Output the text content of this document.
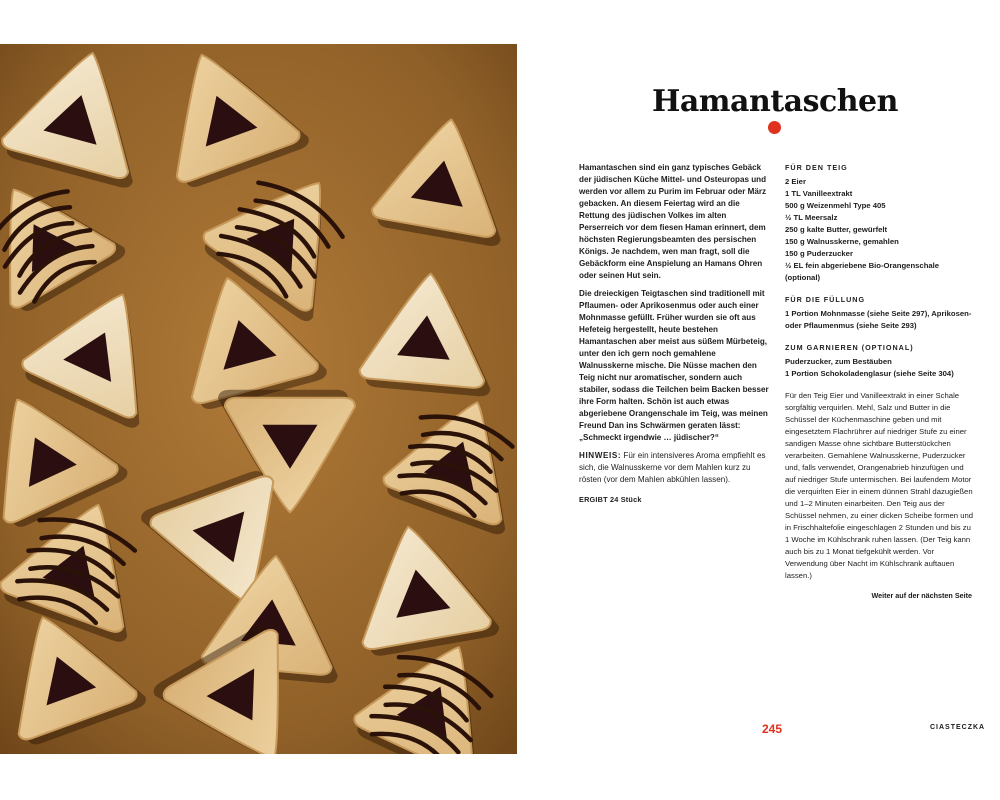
Hamantaschen

Hamantaschen sind ein ganz typisches Gebäck der jüdischen Küche Mittel- und Osteuropas und werden vor allem zu Purim im Februar oder März gebacken. An diesem Feiertag wird an die Rettung des jüdischen Volkes im alten Perserreich vor dem fiesen Haman erinnert, dem höchsten Regierungsbeamten des persischen Königs. Je nachdem, wen man fragt, soll die Gebäckform eine Anspielung an Hamans Ohren oder seinen Hut sein.

Die dreieckigen Teigtaschen sind traditionell mit Pflaumen- oder Aprikosenmus oder auch einer Mohnmasse gefüllt. Früher wurden sie oft aus Hefeteig hergestellt, heute bestehen Hamantaschen aber meist aus süßem Mürbeteig, unter den ich gern noch gemahlene Walnusskerne mische. Die Nüsse machen den Teig nicht nur aromatischer, sondern auch stabiler, sodass die Teilchen beim Backen besser ihre Form halten. Schön ist auch etwas abgeriebene Orangenschale im Teig, was meinen Freund Dan ins Schwärmen geraten lässt: „Schmeckt irgendwie … jüdischer?“

HINWEIS: Für ein intensiveres Aroma empfiehlt es sich, die Walnusskerne vor dem Mahlen kurz zu rösten (vor dem Mahlen abkühlen lassen).

ERGIBT 24 Stück
FÜR DEN TEIG
2 Eier
1 TL Vanilleextrakt
500 g Weizenmehl Type 405
½ TL Meersalz
250 g kalte Butter, gewürfelt
150 g Walnusskerne, gemahlen
150 g Puderzucker
½ EL fein abgeriebene Bio-Orangenschale (optional)
FÜR DIE FÜLLUNG
1 Portion Mohnmasse (siehe Seite 297), Aprikosen- oder Pflaumenmus (siehe Seite 293)
ZUM GARNIEREN (OPTIONAL)
Puderzucker, zum Bestäuben
1 Portion Schokoladenglasur (siehe Seite 304)

Für den Teig Eier und Vanilleextrakt in einer Schale sorgfältig verquirlen. Mehl, Salz und Butter in die Schüssel der Küchenmaschine geben und mit eingesetztem Flachrührer auf niedriger Stufe zu einer sandigen Masse ohne sichtbare Butterstückchen verarbeiten. Gemahlene Walnusskerne, Puderzucker und, falls verwendet, Orangenabrieb hinzufügen und auf niedriger Stufe untermischen. Bei laufendem Motor die verquirlten Eier in einem dünnen Strahl dazugießen und 1–2 Minuten einarbeiten. Den Teig aus der Schüssel nehmen, zu einer dicken Scheibe formen und in Frischhaltefolie eingeschlagen 2 Stunden und bis zu 1 Woche im Kühlschrank ruhen lassen. (Der Teig kann auch bis zu 1 Monat tiefgekühlt werden. Vor Verwendung über Nacht im Kühlschrank auftauen lassen.)

Weiter auf der nächsten Seite
245	CIASTECZKA
